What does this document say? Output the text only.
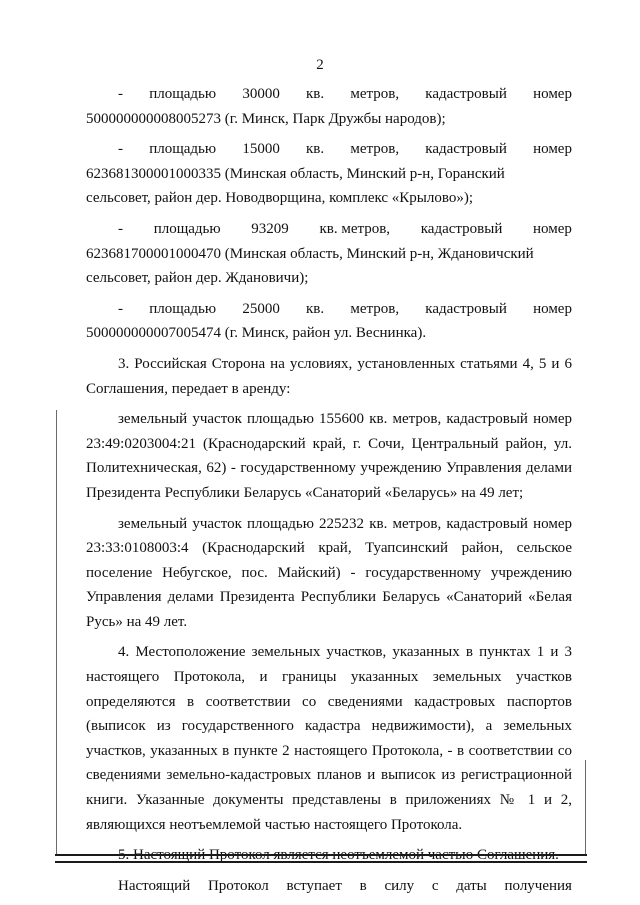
2
- площадью 30000 кв. метров, кадастровый номер
500000000008005273 (г. Минск, Парк Дружбы народов);
- площадью 15000 кв. метров, кадастровый номер
623681300001000335 (Минская область, Минский р-н, Горанский сельсовет, район дер. Новодворщина, комплекс «Крылово»);
- площадью 93209 кв. метров, кадастровый номер
623681700001000470 (Минская область, Минский р-н, Ждановичский сельсовет, район дер. Ждановичи);
- площадью 25000 кв. метров, кадастровый номер
500000000007005474 (г. Минск, район ул. Веснинка).

3. Российская Сторона на условиях, установленных статьями 4, 5 и 6 Соглашения, передает в аренду:

земельный участок площадью 155600 кв. метров, кадастровый номер 23:49:0203004:21 (Краснодарский край, г. Сочи, Центральный район, ул. Политехническая, 62) - государственному учреждению Управления делами Президента Республики Беларусь «Санаторий «Беларусь» на 49 лет;

земельный участок площадью 225232 кв. метров, кадастровый номер 23:33:0108003:4 (Краснодарский край, Туапсинский район, сельское поселение Небугское, пос. Майский) - государственному учреждению Управления делами Президента Республики Беларусь «Санаторий «Белая Русь» на 49 лет.

4. Местоположение земельных участков, указанных в пунктах 1 и 3 настоящего Протокола, и границы указанных земельных участков определяются в соответствии со сведениями кадастровых паспортов (выписок из государственного кадастра недвижимости), а земельных участков, указанных в пункте 2 настоящего Протокола, - в соответствии со сведениями земельно-кадастровых планов и выписок из регистрационной книги. Указанные документы представлены в приложениях № 1 и 2, являющихся неотъемлемой частью настоящего Протокола.

5. Настоящий Протокол является неотъемлемой частью Соглашения.

Настоящий Протокол вступает в силу с даты получения
